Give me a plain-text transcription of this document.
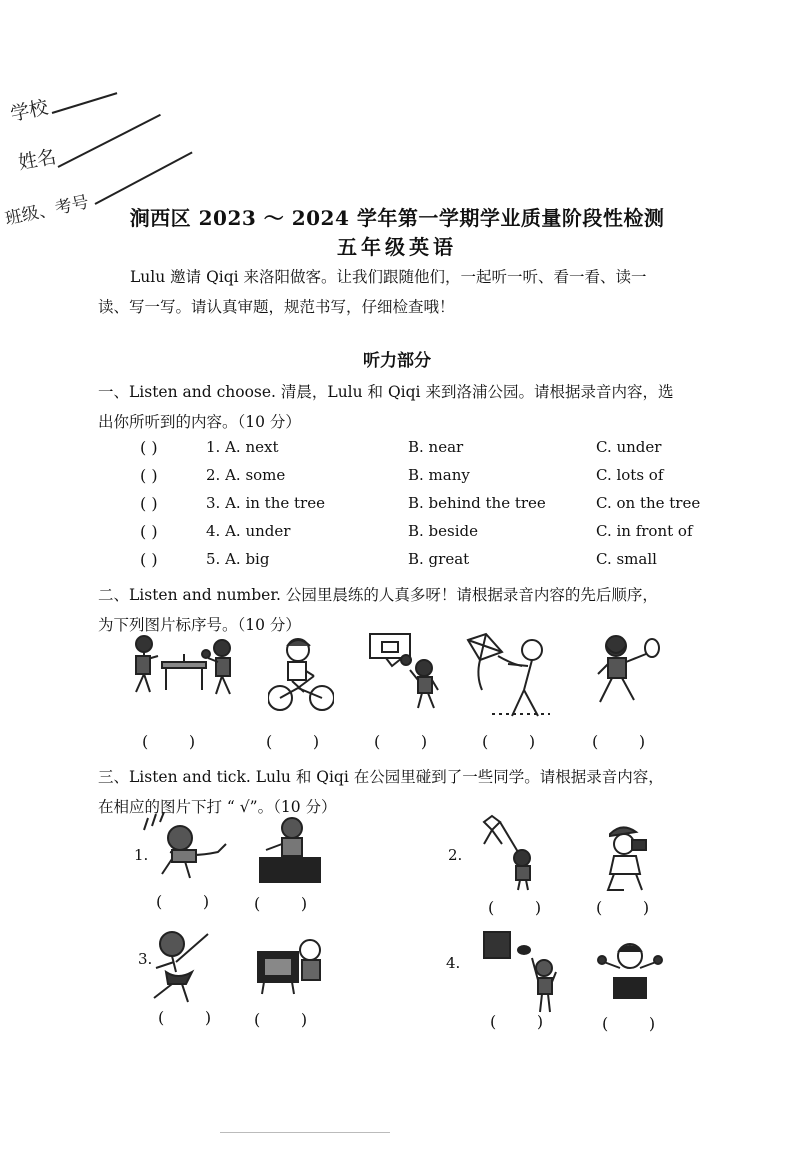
学校
姓名
班级、考号	涧西区 2023 ～ 2024 学年第一学期学业质量阶段性检测
五年级英语
Lulu 邀请 Qiqi 来洛阳做客。让我们跟随他们，一起听一听、看一看、读一
读、写一写。请认真审题，规范书写，仔细检查哦！
听力部分
一、Listen and choose. 清晨，Lulu 和 Qiqi 来到洛浦公园。请根据录音内容，选
出你所听到的内容。（10 分）
( )	1. A. next	B. near	C. under
( )	2. A. some	B. many	C. lots of
( )	3. A. in the tree	B. behind the tree	C. on the tree
( )	4. A. under	B. beside	C. in front of
( )	5. A. big	B. great	C. small
二、Listen and number. 公园里晨练的人真多呀！请根据录音内容的先后顺序，
为下列图片标序号。（10 分）
(        )	(        )	(        )	(        )	(        )
三、Listen and tick. Lulu 和 Qiqi 在公园里碰到了一些同学。请根据录音内容，
在相应的图片下打 “ √”。（10 分）
1.
(        )	(        )
2.
(        )	(        )
3.
(        )	(        )
4.
(        )	(        )
